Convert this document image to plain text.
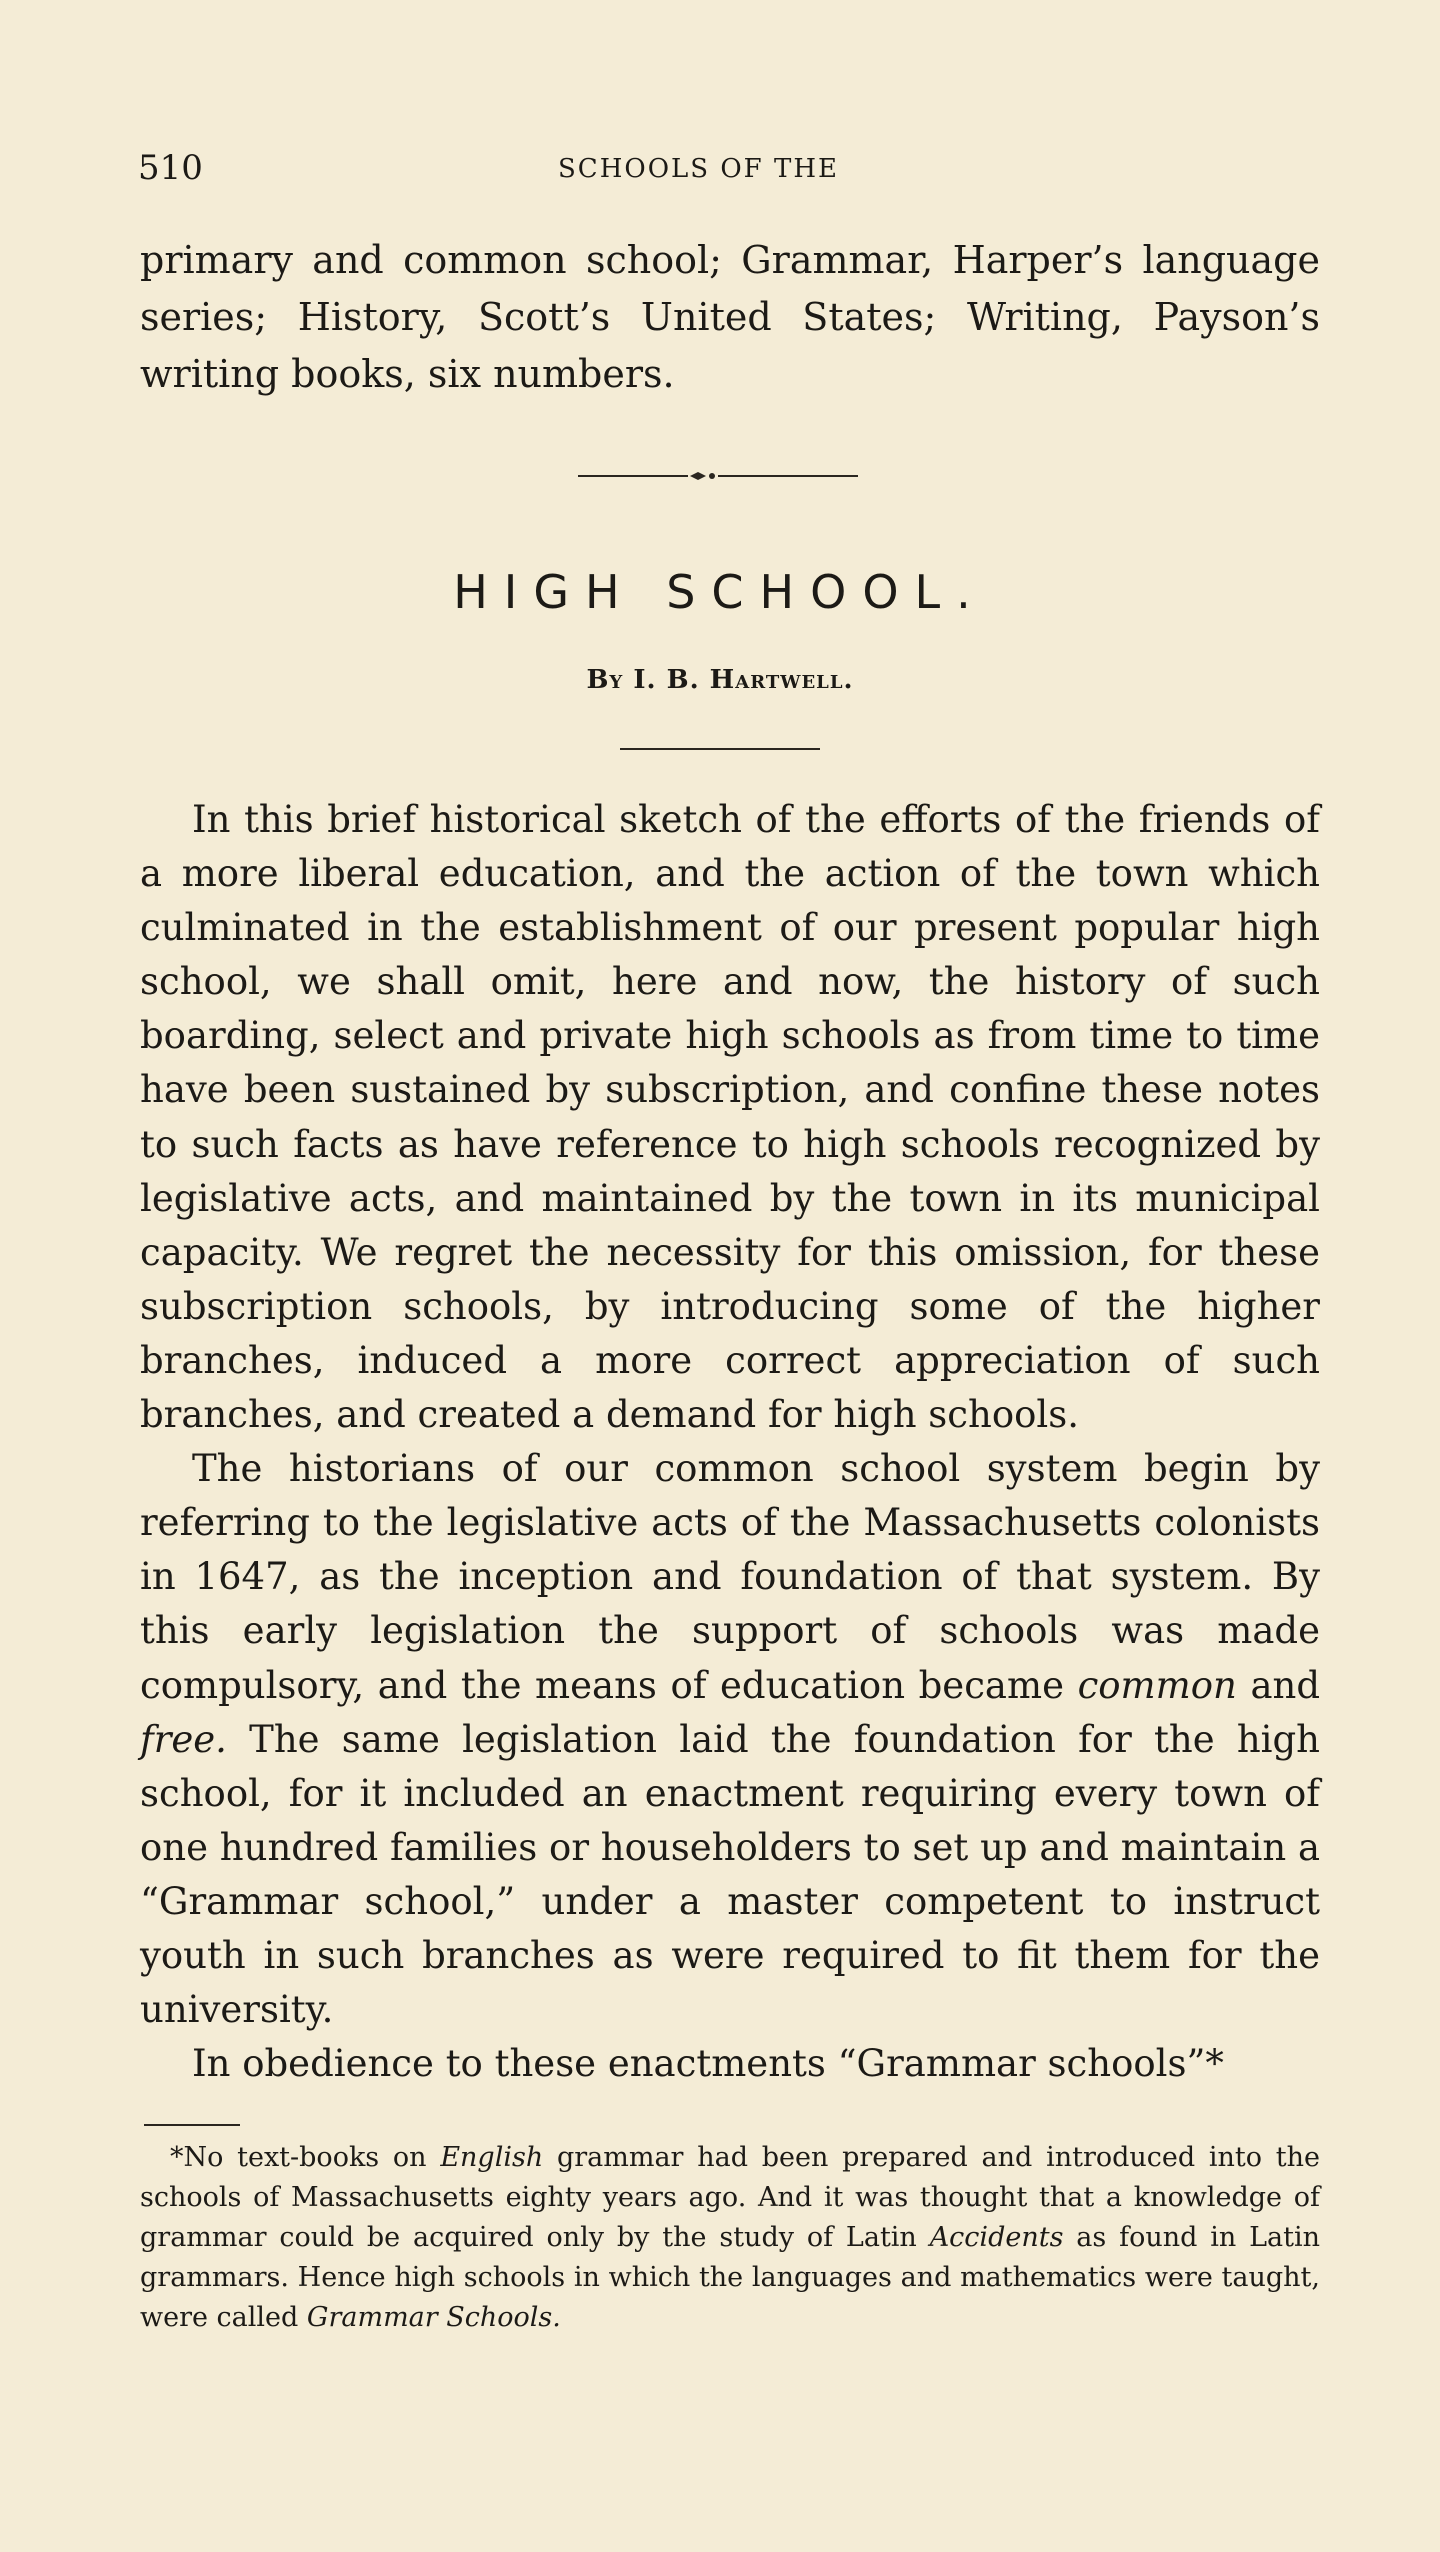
510	SCHOOLS OF THE
primary and common school; Grammar, Harper’s language series; History, Scott’s United States; Writing, Payson’s writing books, six numbers.
HIGH SCHOOL.
By I. B. Hartwell.

In this brief historical sketch of the efforts of the friends of a more liberal education, and the action of the town which culminated in the establishment of our present popular high school, we shall omit, here and now, the history of such boarding, select and private high schools as from time to time have been sustained by subscription, and confine these notes to such facts as have reference to high schools recognized by legislative acts, and maintained by the town in its municipal capacity. We regret the necessity for this omission, for these subscription schools, by introducing some of the higher branches, induced a more correct appreciation of such branches, and created a demand for high schools.

The historians of our common school system begin by referring to the legislative acts of the Massachusetts colonists in 1647, as the inception and foundation of that system. By this early legislation the support of schools was made compulsory, and the means of education became common and free. The same legislation laid the foundation for the high school, for it included an enactment requiring every town of one hundred families or householders to set up and maintain a “Grammar school,” under a master competent to instruct youth in such branches as were required to fit them for the university.

In obedience to these enactments “Grammar schools”*

*No text-books on English grammar had been prepared and introduced into the schools of Massachusetts eighty years ago. And it was thought that a knowledge of grammar could be acquired only by the study of Latin Accidents as found in Latin grammars. Hence high schools in which the languages and mathematics were taught, were called Grammar Schools.
